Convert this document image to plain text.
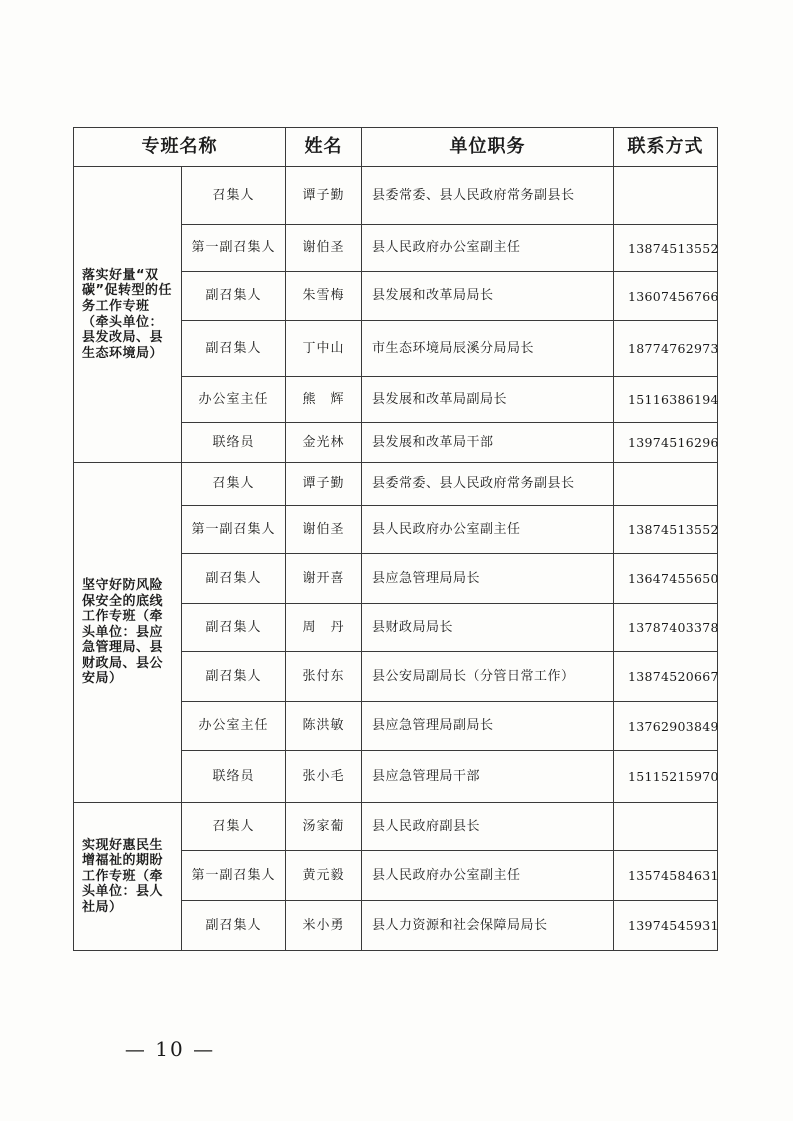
专班名称		姓名	单位职务	联系方式
落实好量“双碳”促转型的任务工作专班（牵头单位：县发改局、县生态环境局）	召集人	谭子勤	县委常委、县人民政府常务副县长	
	第一副召集人	谢伯圣	县人民政府办公室副主任	13874513552
	副召集人	朱雪梅	县发展和改革局局长	13607456766
	副召集人	丁中山	市生态环境局辰溪分局局长	18774762973
	办公室主任	熊　辉	县发展和改革局副局长	15116386194
	联络员	金光林	县发展和改革局干部	13974516296
坚守好防风险保安全的底线工作专班（牵头单位：县应急管理局、县财政局、县公安局）	召集人	谭子勤	县委常委、县人民政府常务副县长	
	第一副召集人	谢伯圣	县人民政府办公室副主任	13874513552
	副召集人	谢开喜	县应急管理局局长	13647455650
	副召集人	周　丹	县财政局局长	13787403378
	副召集人	张付东	县公安局副局长（分管日常工作）	13874520667
	办公室主任	陈洪敏	县应急管理局副局长	13762903849
	联络员	张小毛	县应急管理局干部	15115215970
实现好惠民生增福祉的期盼工作专班（牵头单位：县人社局）	召集人	汤家葡	县人民政府副县长	
	第一副召集人	黄元毅	县人民政府办公室副主任	13574584631
	副召集人	米小勇	县人力资源和社会保障局局长	13974545931
— 10 —
